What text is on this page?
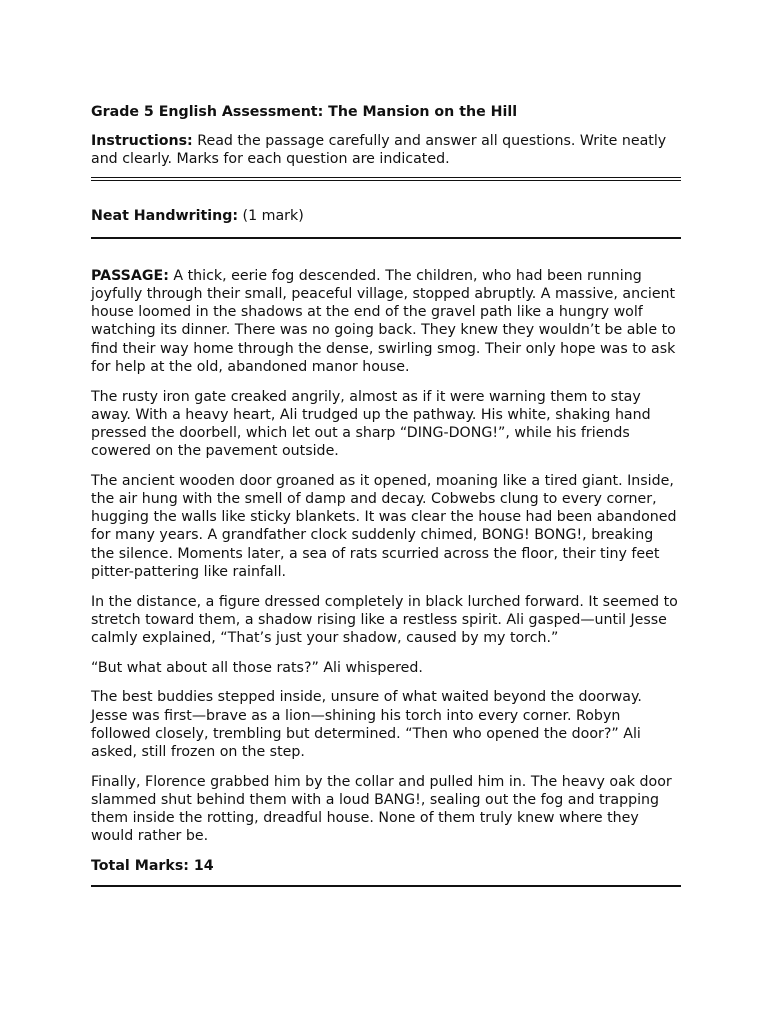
Grade 5 English Assessment: The Mansion on the Hill
Instructions: Read the passage carefully and answer all questions. Write neatly and clearly. Marks for each question are indicated.
Neat Handwriting: (1 mark)
PASSAGE: A thick, eerie fog descended. The children, who had been running joyfully through their small, peaceful village, stopped abruptly. A massive, ancient house loomed in the shadows at the end of the gravel path like a hungry wolf watching its dinner. There was no going back. They knew they wouldn’t be able to find their way home through the dense, swirling smog. Their only hope was to ask for help at the old, abandoned manor house.
The rusty iron gate creaked angrily, almost as if it were warning them to stay away. With a heavy heart, Ali trudged up the pathway. His white, shaking hand pressed the doorbell, which let out a sharp “DING-DONG!”, while his friends cowered on the pavement outside.
The ancient wooden door groaned as it opened, moaning like a tired giant. Inside, the air hung with the smell of damp and decay. Cobwebs clung to every corner, hugging the walls like sticky blankets. It was clear the house had been abandoned for many years. A grandfather clock suddenly chimed, BONG! BONG!, breaking the silence. Moments later, a sea of rats scurried across the floor, their tiny feet pitter-pattering like rainfall.
In the distance, a figure dressed completely in black lurched forward. It seemed to stretch toward them, a shadow rising like a restless spirit. Ali gasped—until Jesse calmly explained, “That’s just your shadow, caused by my torch.”
“But what about all those rats?” Ali whispered.
The best buddies stepped inside, unsure of what waited beyond the doorway. Jesse was first—brave as a lion—shining his torch into every corner. Robyn followed closely, trembling but determined. “Then who opened the door?” Ali asked, still frozen on the step.
Finally, Florence grabbed him by the collar and pulled him in. The heavy oak door slammed shut behind them with a loud BANG!, sealing out the fog and trapping them inside the rotting, dreadful house. None of them truly knew where they would rather be.
Total Marks: 14
